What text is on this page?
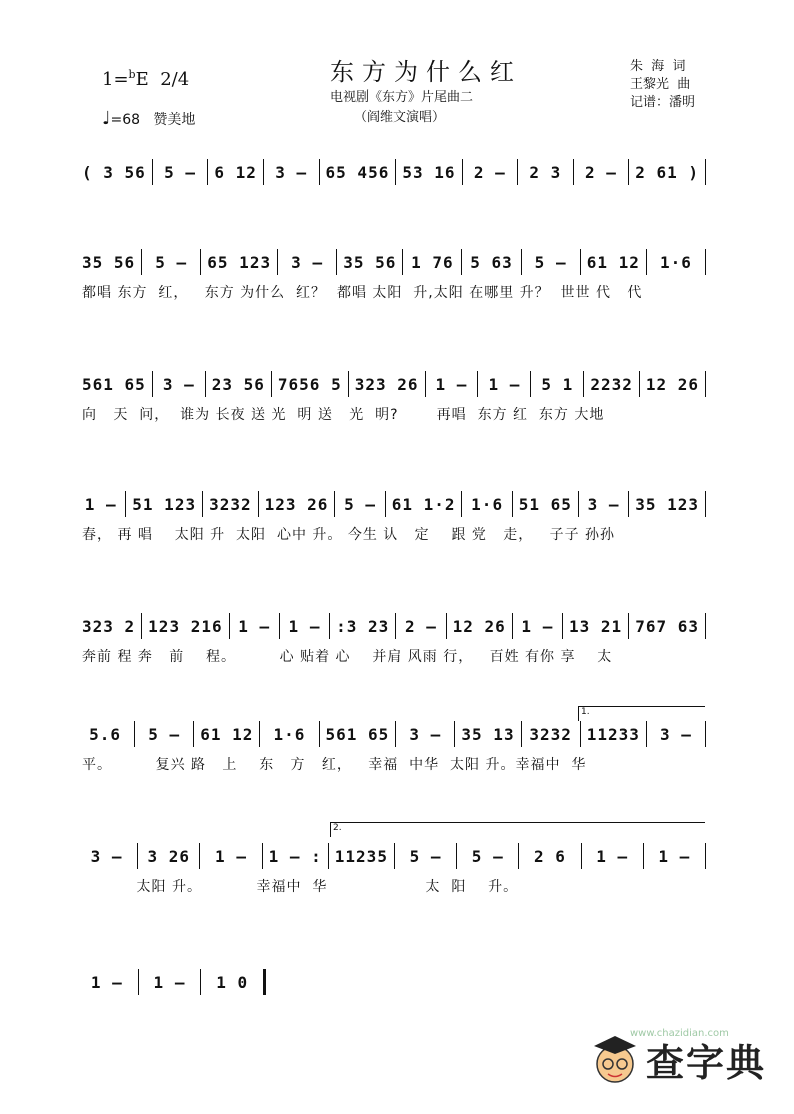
1=$^b$E 2/4
♩=68 赞美地
东方为什么红
电视剧《东方》片尾曲二
（阎维文演唱）
朱  海  词
王黎光  曲
记谱：潘明
( 3 56	5 –	6 12	3 –	65 456 53 16	2 –	2 3	2 –	2 61 )
35 56	5 –	65 123	3 –	35 56 1 76 5 63	5 –	61 12	1·6
都唱 东方  红，   东方 为什么  红？  都唱 太阳  升,太阳 在哪里 升？  世世 代   代
561 65 3 – 23 56 7656 5 323 26 1 – 1 – 5 1 2232 12 26
向   天  问，  谁为 长夜 送 光  明 送   光  明?       再唱  东方 红  东方 大地
1 – 51 123 3232 123 26 5 – 61 1·2 1·6 51 65 3 – 35 123
春， 再 唱    太阳 升  太阳  心中 升。 今生 认   定    跟 党   走，   子子 孙孙
323 2 123 216 1 – 1 – :3 23 2 – 12 26 1 – 13 21 767 63
奔前 程 奔   前    程。        心 贴着 心    并肩 风雨 行，   百姓 有你 享    太
5.6	5 –	61 12	1·6	561 65	3 –	35 13 3232 11233	3 –
平。        复兴 路   上    东   方   红，   幸福  中华  太阳 升。幸福中  华
3 –	3 26	1 –	1 – : 11235	5 –	5 –	2 6	1 –	1 –
太阳 升。          幸福中  华                  太  阳    升。
1 –	1 –	1 0
1.
2.
www.chazidian.com
查字典
